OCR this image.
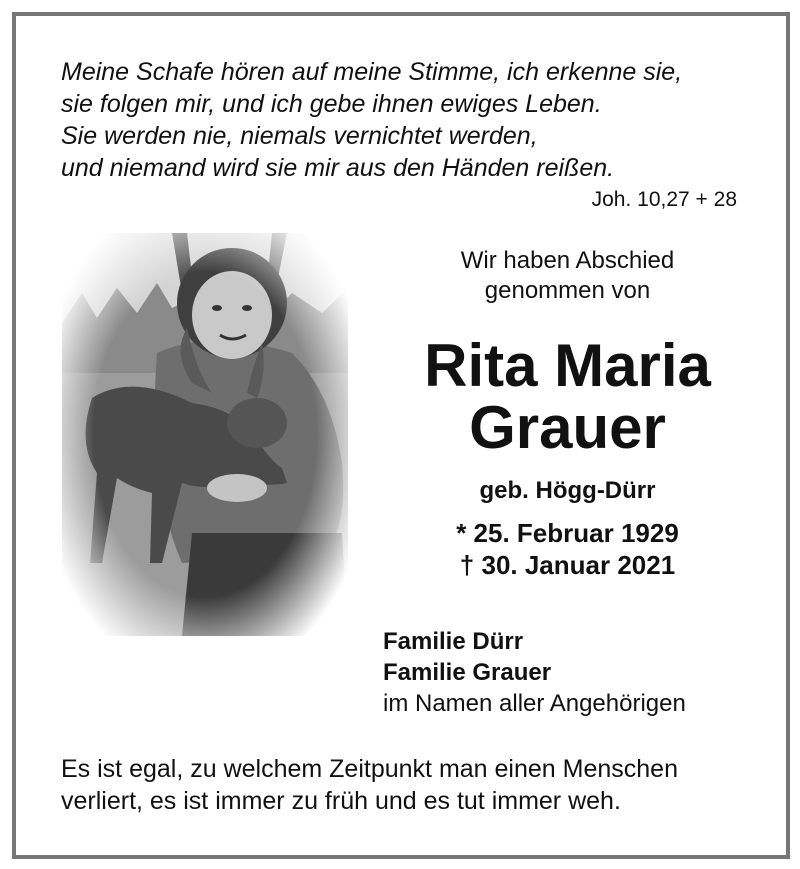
Meine Schafe hören auf meine Stimme, ich erkenne sie,
sie folgen mir, und ich gebe ihnen ewiges Leben.
Sie werden nie, niemals vernichtet werden,
und niemand wird sie mir aus den Händen reißen.
Joh. 10,27 + 28
Wir haben Abschied
genommen von
Rita Maria
Grauer
geb. Högg-Dürr
* 25. Februar 1929
† 30. Januar 2021
Familie Dürr
Familie Grauer
im Namen aller Angehörigen
Es ist egal, zu welchem Zeitpunkt man einen Menschen
verliert, es ist immer zu früh und es tut immer weh.
